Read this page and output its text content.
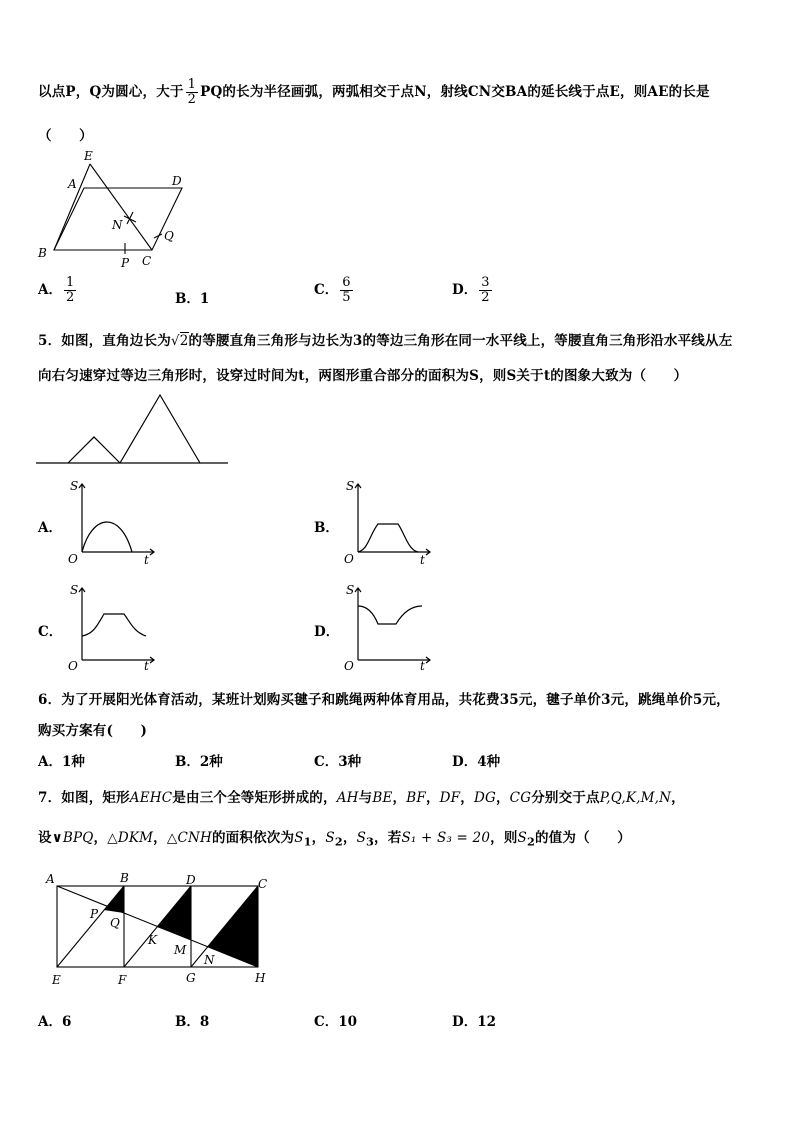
以点P，Q为圆心，大于 $\frac{1}{2}$ PQ的长为半径画弧，两弧相交于点N，射线CN交BA的延长线于点E，则AE的长是
（　　）
E
A	D
N
Q
B
P C
A． $\frac{1}{2}$	B．1
C． $\frac{6}{5}$	D． $\frac{3}{2}$
5．如图，直角边长为√2的等腰直角三角形与边长为3的等边三角形在同一水平线上，等腰直角三角形沿水平线从左
向右匀速穿过等边三角形时，设穿过时间为t，两图形重合部分的面积为S，则S关于t的图象大致为（　　）
A．
S
t
O
B．
S
t
O
C．
S
t
O
D．
S
t
O
6．为了开展阳光体育活动，某班计划购买毽子和跳绳两种体育用品，共花费35元，毽子单价3元，跳绳单价5元，
购买方案有(　　)
A．1种	B．2种	C．3种	D．4种
7．如图，矩形AEHC是由三个全等矩形拼成的，AH与BE，BF，DF，DG，CG分别交于点P,Q,K,M,N，
设∨BPQ，△DKM，△CNH的面积依次为$S_1$，$S_2$，$S_3$，若S₁ + S₃ = 20，则$S_2$的值为（　　）
A	B	D	C
P
Q
K
M
N
E	F	G	H
A．6	B．8	C．10	D．12
